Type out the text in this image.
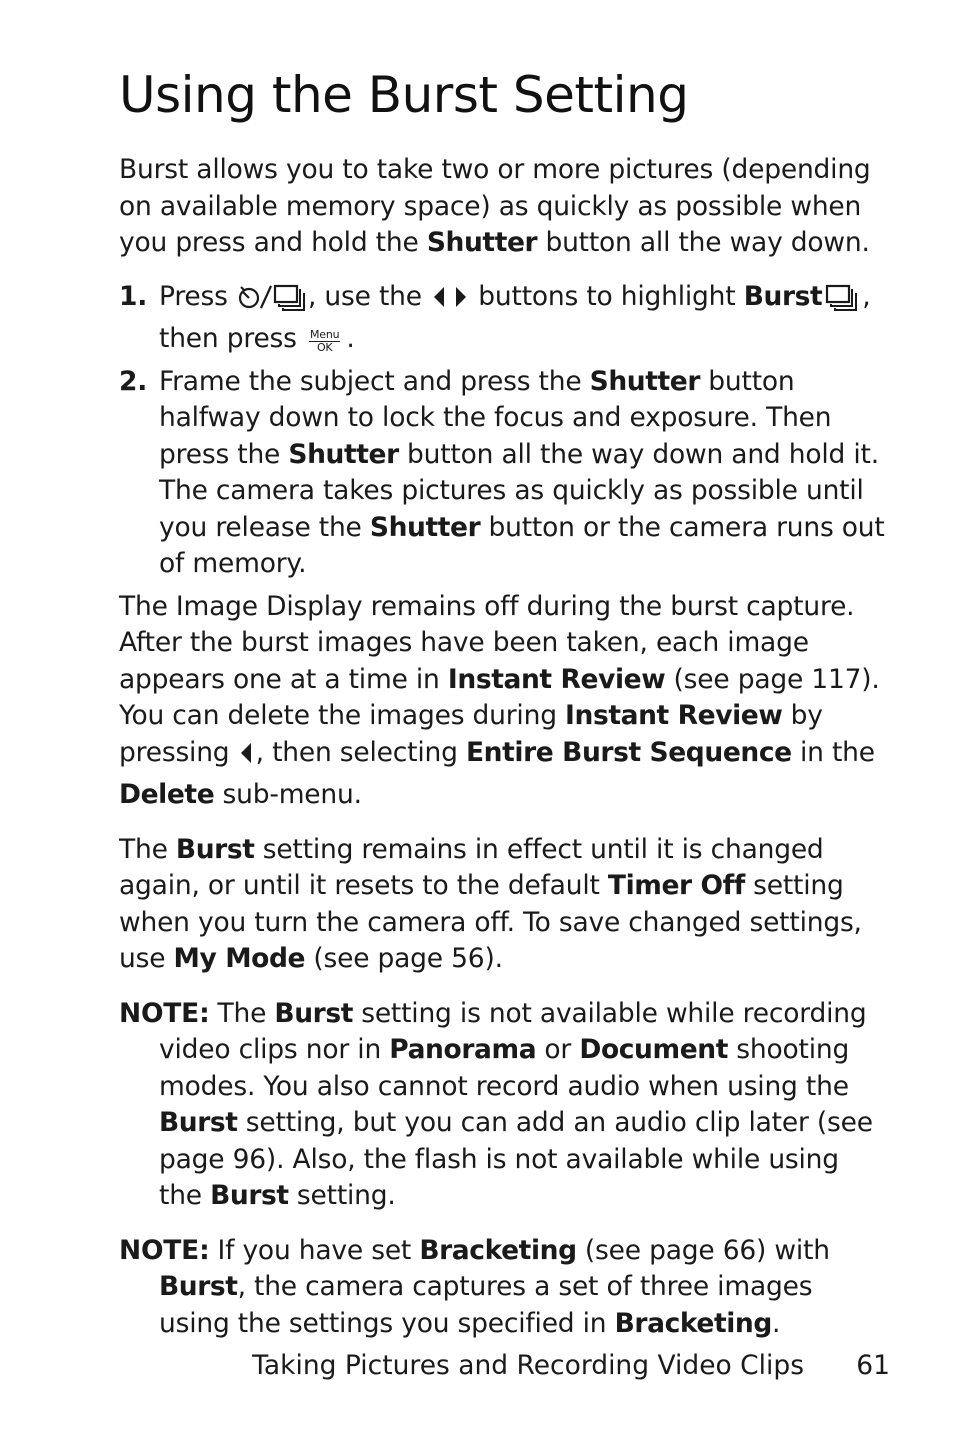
Using the Burst Setting

Burst allows you to take two or more pictures (depending on available memory space) as quickly as possible when you press and hold the Shutter button all the way down.

1. Press	, use the  buttons to highlight Burst ,
then press Menu
OK .
2. Frame the subject and press the Shutter button halfway down to lock the focus and exposure. Then press the Shutter button all the way down and hold it. The camera takes pictures as quickly as possible until you release the Shutter button or the camera runs out of memory.

The Image Display remains off during the burst capture. After the burst images have been taken, each image appears one at a time in Instant Review (see page 117). You can delete the images during Instant Review by pressing , then selecting Entire Burst Sequence in the Delete sub-menu.

The Burst setting remains in effect until it is changed again, or until it resets to the default Timer Off setting when you turn the camera off. To save changed settings, use My Mode (see page 56).

NOTE: The Burst setting is not available while recording video clips nor in Panorama or Document shooting modes. You also cannot record audio when using the Burst setting, but you can add an audio clip later (see page 96). Also, the flash is not available while using the Burst setting.
NOTE: If you have set Bracketing (see page 66) with Burst, the camera captures a set of three images using the settings you specified in Bracketing.
Taking Pictures and Recording Video Clips 61
